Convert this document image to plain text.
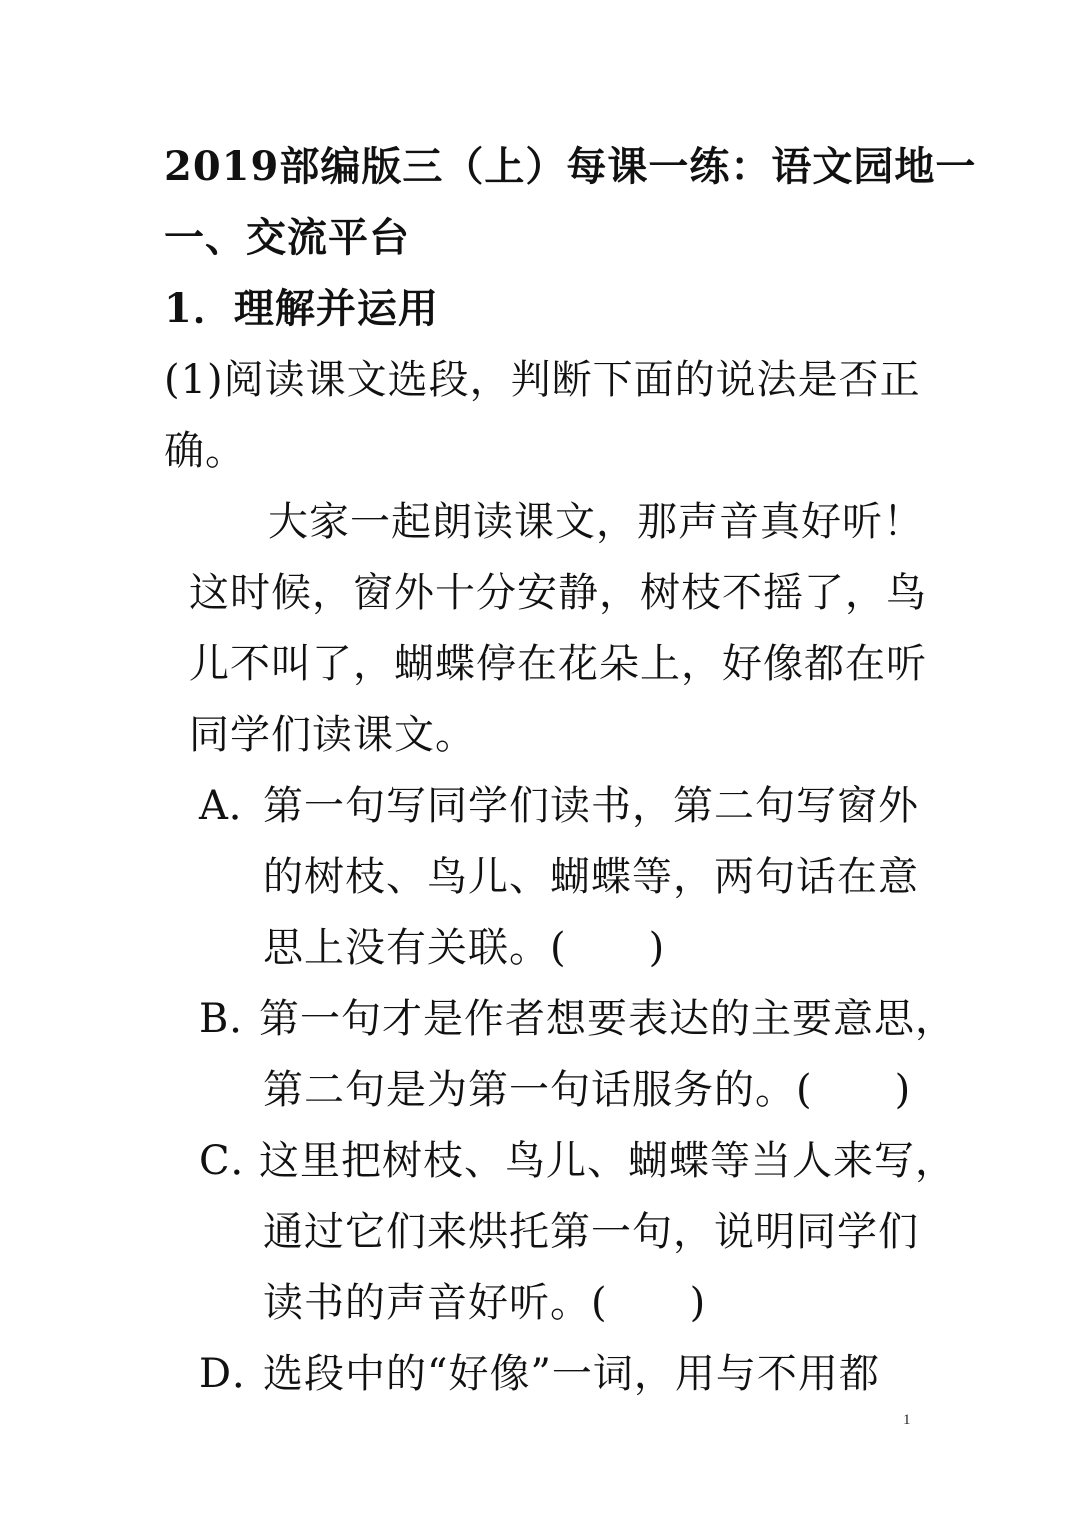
2019部编版三（上）每课一练：语文园地一
一、交流平台
1．理解并运用
(1)阅读课文选段，判断下面的说法是否正
确。
大家一起朗读课文，那声音真好听！
这时候，窗外十分安静，树枝不摇了，鸟
儿不叫了，蝴蝶停在花朵上，好像都在听
同学们读课文。
A．
第一句写同学们读书，第二句写窗外
的树枝、鸟儿、蝴蝶等，两句话在意
思上没有关联。(　　)
B．
第一句才是作者想要表达的主要意思，
第二句是为第一句话服务的。(　　)
C．
这里把树枝、鸟儿、蝴蝶等当人来写，
通过它们来烘托第一句，说明同学们
读书的声音好听。(　　)
D．
选段中的“好像”一词，用与不用都
1
